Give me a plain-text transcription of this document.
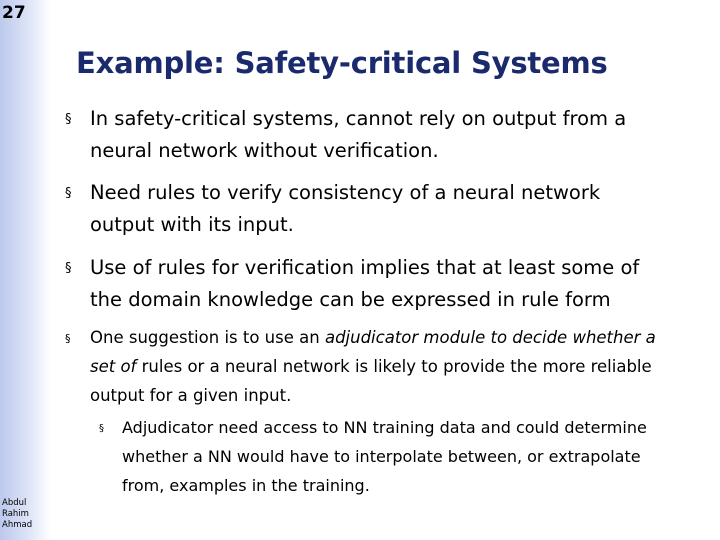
27
Abdul
Rahim
Ahmad
Example: Safety-critical Systems
§ In safety-critical systems, cannot rely on output from a
neural network without verification.
§ Need rules to verify consistency of a neural network
output with its input.
§ Use of rules for verification implies that at least some of
the domain knowledge can be expressed in rule form
§ One suggestion is to use an adjudicator module to decide whether a
set of rules or a neural network is likely to provide the more reliable
output for a given input.
§ Adjudicator need access to NN training data and could determine
whether a NN would have to interpolate between, or extrapolate
from, examples in the training.
